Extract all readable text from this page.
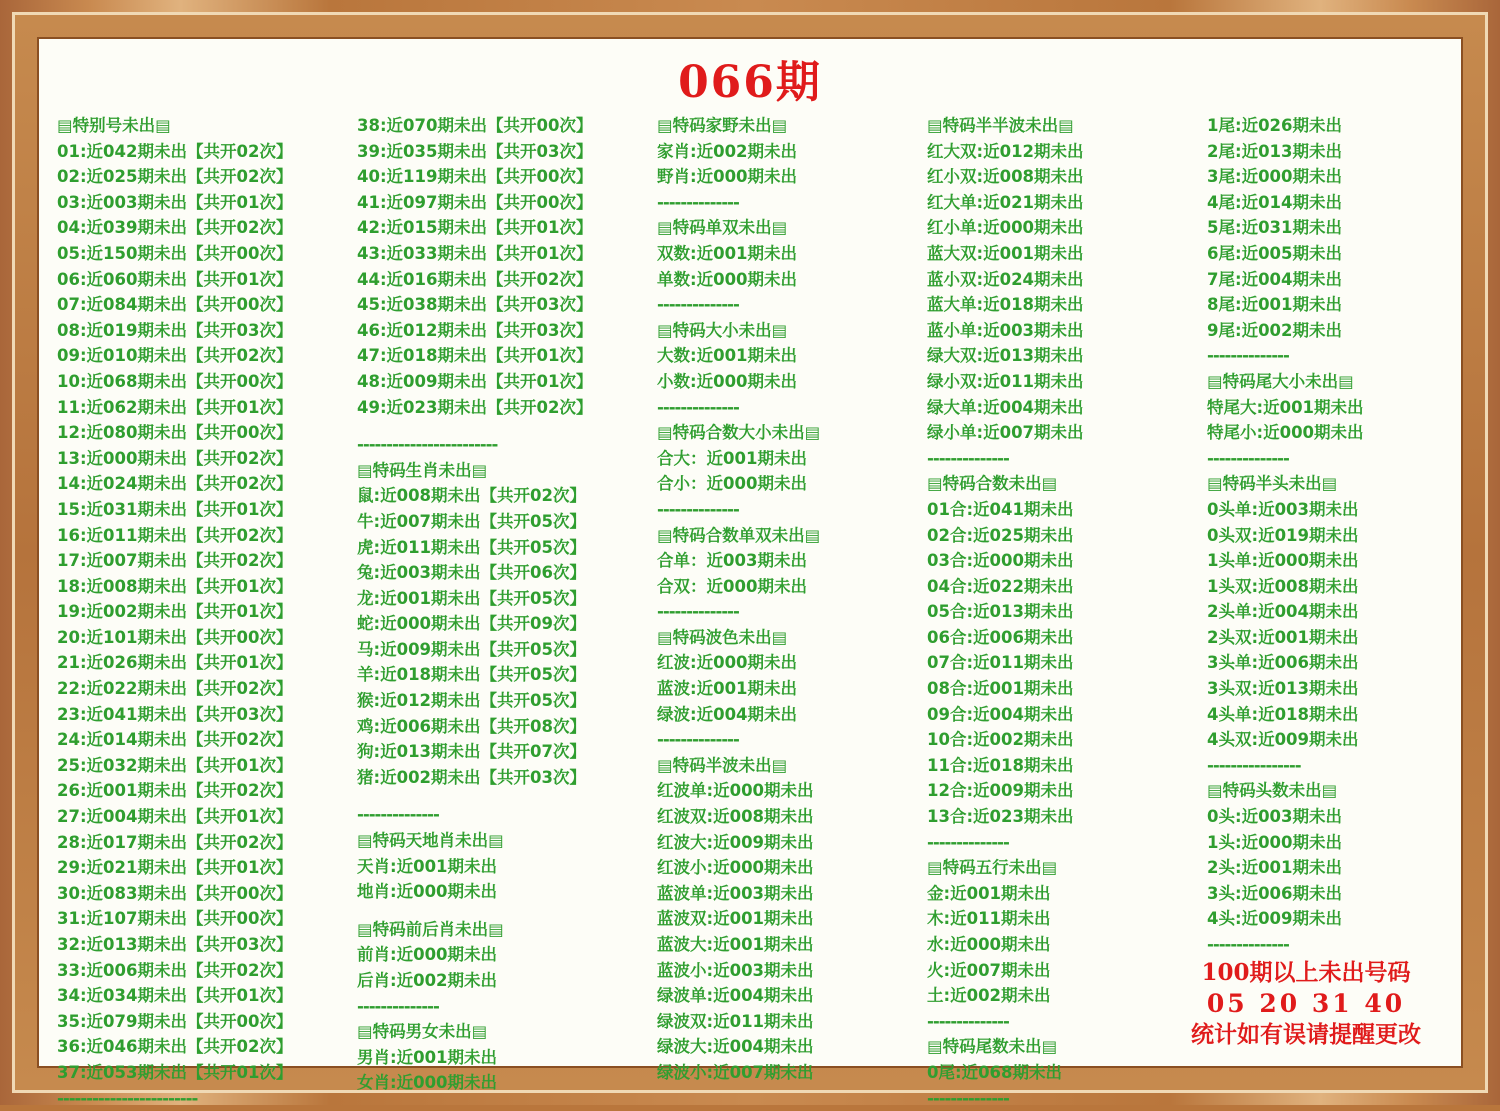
066期
▤特别号未出▤
01:近042期未出【共开02次】
02:近025期未出【共开02次】
03:近003期未出【共开01次】
04:近039期未出【共开02次】
05:近150期未出【共开00次】
06:近060期未出【共开01次】
07:近084期未出【共开00次】
08:近019期未出【共开03次】
09:近010期未出【共开02次】
10:近068期未出【共开00次】
11:近062期未出【共开01次】
12:近080期未出【共开00次】
13:近000期未出【共开02次】
14:近024期未出【共开02次】
15:近031期未出【共开01次】
16:近011期未出【共开02次】
17:近007期未出【共开02次】
18:近008期未出【共开01次】
19:近002期未出【共开01次】
20:近101期未出【共开00次】
21:近026期未出【共开01次】
22:近022期未出【共开02次】
23:近041期未出【共开03次】
24:近014期未出【共开02次】
25:近032期未出【共开01次】
26:近001期未出【共开02次】
27:近004期未出【共开01次】
28:近017期未出【共开02次】
29:近021期未出【共开01次】
30:近083期未出【共开00次】
31:近107期未出【共开00次】
32:近013期未出【共开03次】
33:近006期未出【共开02次】
34:近034期未出【共开01次】
35:近079期未出【共开00次】
36:近046期未出【共开02次】
37:近053期未出【共开01次】
------------------------
38:近070期未出【共开00次】
39:近035期未出【共开03次】
40:近119期未出【共开00次】
41:近097期未出【共开00次】
42:近015期未出【共开01次】
43:近033期未出【共开01次】
44:近016期未出【共开02次】
45:近038期未出【共开03次】
46:近012期未出【共开03次】
47:近018期未出【共开01次】
48:近009期未出【共开01次】
49:近023期未出【共开02次】
------------------------
▤特码生肖未出▤
鼠:近008期未出【共开02次】
牛:近007期未出【共开05次】
虎:近011期未出【共开05次】
兔:近003期未出【共开06次】
龙:近001期未出【共开05次】
蛇:近000期未出【共开09次】
马:近009期未出【共开05次】
羊:近018期未出【共开05次】
猴:近012期未出【共开05次】
鸡:近006期未出【共开08次】
狗:近013期未出【共开07次】
猪:近002期未出【共开03次】
--------------
▤特码天地肖未出▤
天肖:近001期未出
地肖:近000期未出
▤特码前后肖未出▤
前肖:近000期未出
后肖:近002期未出
--------------
▤特码男女未出▤
男肖:近001期未出
女肖:近000期未出
▤特码家野未出▤
家肖:近002期未出
野肖:近000期未出
--------------
▤特码单双未出▤
双数:近001期未出
单数:近000期未出
--------------
▤特码大小未出▤
大数:近001期未出
小数:近000期未出
--------------
▤特码合数大小未出▤
合大：近001期未出
合小：近000期未出
--------------
▤特码合数单双未出▤
合单：近003期未出
合双：近000期未出
--------------
▤特码波色未出▤
红波:近000期未出
蓝波:近001期未出
绿波:近004期未出
--------------
▤特码半波未出▤
红波单:近000期未出
红波双:近008期未出
红波大:近009期未出
红波小:近000期未出
蓝波单:近003期未出
蓝波双:近001期未出
蓝波大:近001期未出
蓝波小:近003期未出
绿波单:近004期未出
绿波双:近011期未出
绿波大:近004期未出
绿波小:近007期未出
▤特码半半波未出▤
红大双:近012期未出
红小双:近008期未出
红大单:近021期未出
红小单:近000期未出
蓝大双:近001期未出
蓝小双:近024期未出
蓝大单:近018期未出
蓝小单:近003期未出
绿大双:近013期未出
绿小双:近011期未出
绿大单:近004期未出
绿小单:近007期未出
--------------
▤特码合数未出▤
01合:近041期未出
02合:近025期未出
03合:近000期未出
04合:近022期未出
05合:近013期未出
06合:近006期未出
07合:近011期未出
08合:近001期未出
09合:近004期未出
10合:近002期未出
11合:近018期未出
12合:近009期未出
13合:近023期未出
--------------
▤特码五行未出▤
金:近001期未出
木:近011期未出
水:近000期未出
火:近007期未出
土:近002期未出
--------------
▤特码尾数未出▤
0尾:近068期未出
--------------
1尾:近026期未出
2尾:近013期未出
3尾:近000期未出
4尾:近014期未出
5尾:近031期未出
6尾:近005期未出
7尾:近004期未出
8尾:近001期未出
9尾:近002期未出
--------------
▤特码尾大小未出▤
特尾大:近001期未出
特尾小:近000期未出
--------------
▤特码半头未出▤
0头单:近003期未出
0头双:近019期未出
1头单:近000期未出
1头双:近008期未出
2头单:近004期未出
2头双:近001期未出
3头单:近006期未出
3头双:近013期未出
4头单:近018期未出
4头双:近009期未出
----------------
▤特码头数未出▤
0头:近003期未出
1头:近000期未出
2头:近001期未出
3头:近006期未出
4头:近009期未出
--------------
100期以上未出号码
05 20 31 40
统计如有误请提醒更改
